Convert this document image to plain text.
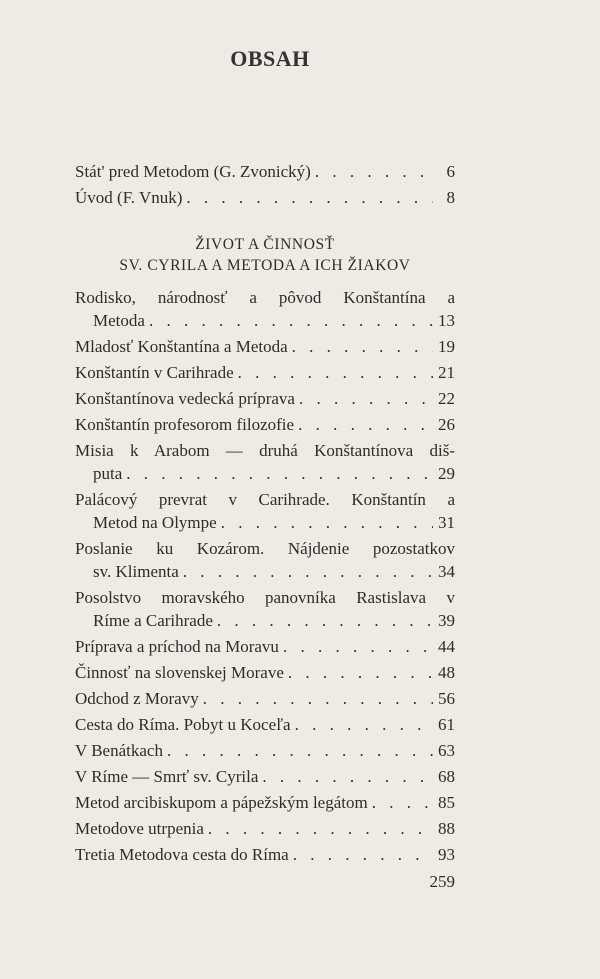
OBSAH
Stát' pred Metodom (G. Zvonický) . . .	6
Úvod (F. Vnuk) . . .	8
ŽIVOT A ČINNOSŤ
SV. CYRILA A METODA A ICH ŽIAKOV
Rodisko, národnosť a pôvod Konštantína a
Metoda . . .	13
Mladosť Konštantína a Metoda . . .	19
Konštantín v Carihrade . . .	21
Konštantínova vedecká príprava . . .	22
Konštantín profesorom filozofie . . .	26
Misia k Arabom — druhá Konštantínova diš-
puta . . .	29
Palácový prevrat v Carihrade. Konštantín a
Metod na Olympe . . .	31
Poslanie ku Kozárom. Nájdenie pozostatkov
sv. Klimenta . . .	34
Posolstvo moravského panovníka Rastislava v
Ríme a Carihrade . . .	39
Príprava a príchod na Moravu . . .	44
Činnosť na slovenskej Morave . . .	48
Odchod z Moravy . . .	56
Cesta do Ríma. Pobyt u Koceľa . . .	61
V Benátkach . . .	63
V Ríme — Smrť sv. Cyrila . . .	68
Metod arcibiskupom a pápežským legátom . . .	85
Metodove utrpenia . . .	88
Tretia Metodova cesta do Ríma . . .	93
259
